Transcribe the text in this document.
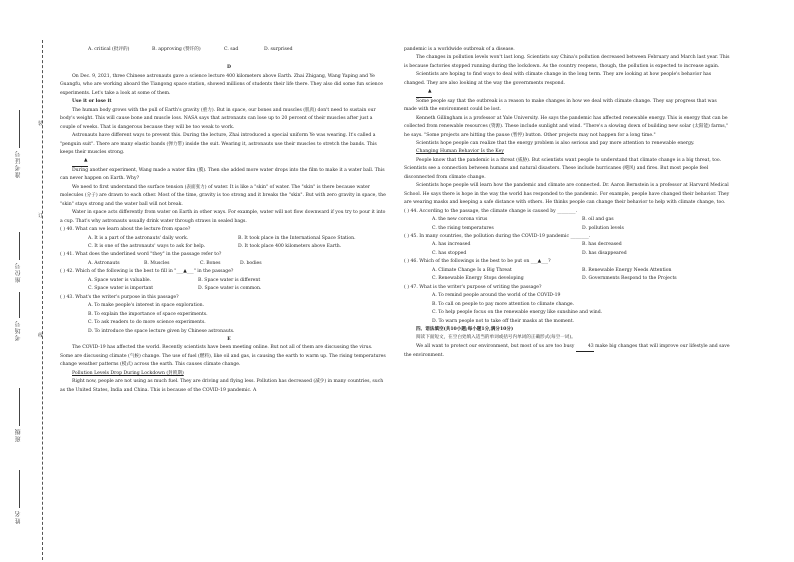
装
订
线
准考证号
座位号
考场号
班级
姓名
A. critical (批评的)	B. approving (赞许的)	C. sad	D. surprised

D

On Dec. 9, 2021, three Chinese astronauts gave a science lecture 400 kilometers above Earth. Zhai Zhigang, Wang Yaping and Ye Guangfu, who are working aboard the Tiangong space station, showed millions of students their life there. They also did some fun science experiments. Let's take a look at some of them.

Use it or lose it

The human body grows with the pull of Earth's gravity (重力). But in space, our bones and muscles (肌肉) don't need to sustain our body's weight. This will cause bone and muscle loss. NASA says that astronauts can lose up to 20 percent of their muscles after just a couple of weeks. That is dangerous because they will be too weak to work.

Astronauts have different ways to prevent this. During the lecture, Zhai introduced a special uniform Ye was wearing. It's called a "penguin suit". There are many elastic bands (弹力带) inside the suit. Wearing it, astronauts use their muscles to stretch the bands. This keeps their muscles strong.

▲

During another experiment, Wang made a water film (膜). Then she added more water drops into the film to make it a water ball. This can never happen on Earth. Why?

We need to first understand the surface tension (表面张力) of water. It is like a "skin" of water. The "skin" is there because water molecules (分子) are drawn to each other. Most of the time, gravity is too strong and it breaks the "skin". But with zero gravity in space, the "skin" stays strong and the water ball will not break.

Water in space acts differently from water on Earth in other ways. For example, water will not flow downward if you try to pour it into a cup. That's why astronauts usually drink water through straws in sealed bags.

( ) 40. What can we learn about the lecture from space?

A. It is a part of the astronauts' daily work.	B. It took place in the International Space Station.
C. It is one of the astronauts' ways to ask for help.	D. It took place 400 kilometers above Earth.

( ) 41. What does the underlined word "they" in the passage refer to?

A. Astronauts	B. Muscles	C. Bones	D. bodies

( ) 42. Which of the following is the best to fill in "___▲___" in the passage?

A. Space water is valuable.	B. Space water is different
C. Space water is important	D. Space water is common.

( ) 43. What's the writer's purpose in this passage?

A. To make people's interest in space exploration.
B. To explain the importance of space experiments.
C. To ask readers to do more science experiments.
D. To introduce the space lecture given by Chinese astronauts.

E

The COVID-19 has affected the world. Recently scientists have been meeting online. But not all of them are discussing the virus. Some are discussing climate (气候) change. The use of fuel (燃料), like oil and gas, is causing the earth to warm up. The rising temperatures change weather patterns (模式) across the earth. This causes climate change.

Pollution Levels Drop During Lockdown (封锁期)

Right now, people are not using as much fuel. They are driving and flying less. Pollution has decreased (减少) in many countries, such as the United States, India and China. This is because of the COVID-19 pandemic. A

pandemic is a worldwide outbreak of a disease.

The changes in pollution levels won't last long. Scientists say China's pollution decreased between February and March last year. This is because factories stopped running during the lockdown. As the country reopens, though, the pollution is expected to increase again.

Scientists are hoping to find ways to deal with climate change in the long term. They are looking at how people's behavior has changed. They are also looking at the way the governments respond.

▲

Some people say that the outbreak is a reason to make changes in how we deal with climate change. They say progress that was made with the environment could be lost.

Kenneth Gillingham is a professor at Yale University. He says the pandemic has affected renewable energy. This is energy that can be collected from renewable resources (资源). These include sunlight and wind. "There's a slowing down of building new solar (太阳能) farms," he says. "Some projects are hitting the pause (暂停) button. Other projects may not happen for a long time."

Scientists hope people can realize that the energy problem is also serious and pay more attention to renewable energy.

Changing Human Behavior Is the Key

People know that the pandemic is a threat (威胁). But scientists want people to understand that climate change is a big threat, too. Scientists see a connection between humans and natural disasters. These include hurricanes (飓风) and fires. But most people feel disconnected from climate change.

Scientists hope people will learn how the pandemic and climate are connected. Dr. Aaron Bernstein is a professor at Harvard Medical School. He says there is hope in the way the world has responded to the pandemic. For example, people have changed their behavior. They are wearing masks and keeping a safe distance with others. He thinks people can change their behavior to help with climate change, too.

( ) 44. According to the passage, the climate change is caused by ________.

A. the new corona virus	B. oil and gas
C. the rising temperatures	D. pollution levels

( ) 45. In many countries, the pollution during the COVID-19 pandemic ________.

A. has increased	B. has decreased
C. has stopped	D. has disappeared

( ) 46. Which of the followings is the best to be put on ___▲___?

A. Climate Change Is a Big Threat	B. Renewable Energy Needs Attention
C. Renewable Energy Stops developing	D. Governments Respond to the Projects

( ) 47. What is the writer's purpose of writing the passage?

A. To remind people around the world of the COVID-19
B. To call on people to pay more attention to climate change.
C. To help people focus on the renewable energy like sunshine and wind.
D. To warn people not to take off their masks at the moment.

四、语法填空(共10小题;每小题1分,满分10分)

阅读下面短文，在空白处填入适当的单词或括号内单词的正确形式(每空一词)。

We all want to protect our environment, but most of us are too busy	43 make big changes that will improve our lifestyle and save the environment.
